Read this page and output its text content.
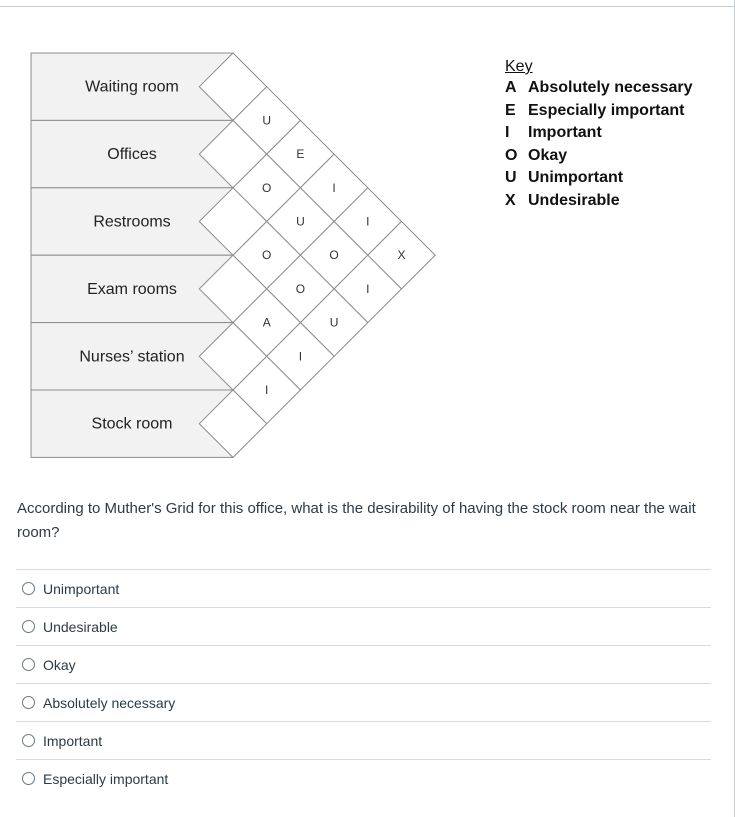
Waiting room
Offices
Restrooms
Exam rooms
Nurses’ station
Stock room
U
O
O
A
I
E
U
O
I
I
O
U
I
I
X
Key
A Absolutely necessary
E Especially important
I Important
O Okay
U Unimportant
X Undesirable
According to Muther's Grid for this office, what is the desirability of having the stock room near the wait room?
Unimportant
Undesirable
Okay
Absolutely necessary
Important
Especially important
